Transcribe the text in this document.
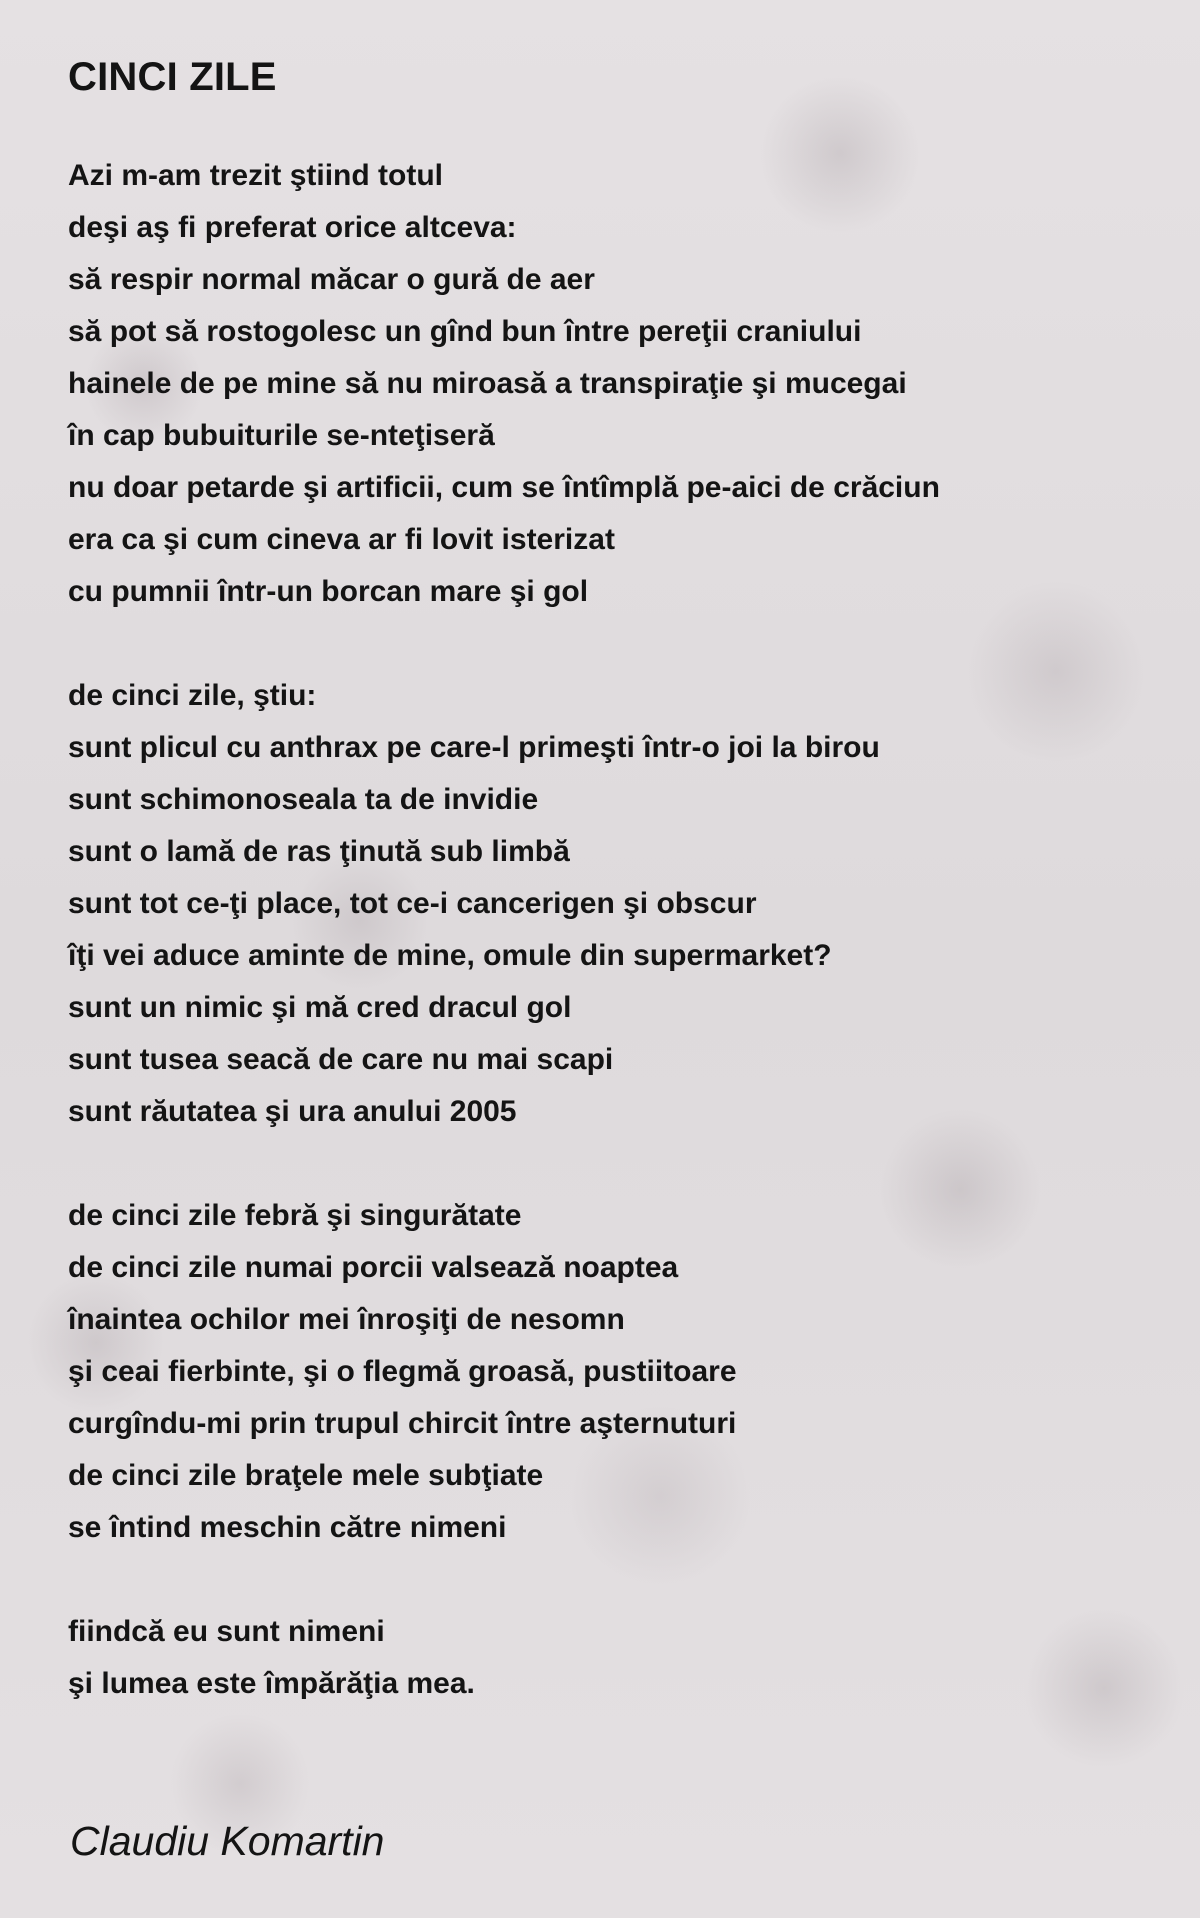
CINCI ZILE
Azi m-am trezit ştiind totul
deşi aş fi preferat orice altceva:
să respir normal măcar o gură de aer
să pot să rostogolesc un gînd bun între pereţii craniului
hainele de pe mine să nu miroasă a transpiraţie şi mucegai
în cap bubuiturile se-nteţiseră
nu doar petarde şi artificii, cum se întîmplă pe-aici de crăciun
era ca şi cum cineva ar fi lovit isterizat
cu pumnii într-un borcan mare şi gol
de cinci zile, ştiu:
sunt plicul cu anthrax pe care-l primeşti într-o joi la birou
sunt schimonoseala ta de invidie
sunt o lamă de ras ţinută sub limbă
sunt tot ce-ţi place, tot ce-i cancerigen şi obscur
îţi vei aduce aminte de mine, omule din supermarket?
sunt un nimic şi mă cred dracul gol
sunt tusea seacă de care nu mai scapi
sunt răutatea şi ura anului 2005
de cinci zile febră şi singurătate
de cinci zile numai porcii valsează noaptea
înaintea ochilor mei înroşiţi de nesomn
şi ceai fierbinte, şi o flegmă groasă, pustiitoare
curgîndu-mi prin trupul chircit între aşternuturi
de cinci zile braţele mele subţiate
se întind meschin către nimeni
fiindcă eu sunt nimeni
şi lumea este împărăţia mea.
Claudiu Komartin
